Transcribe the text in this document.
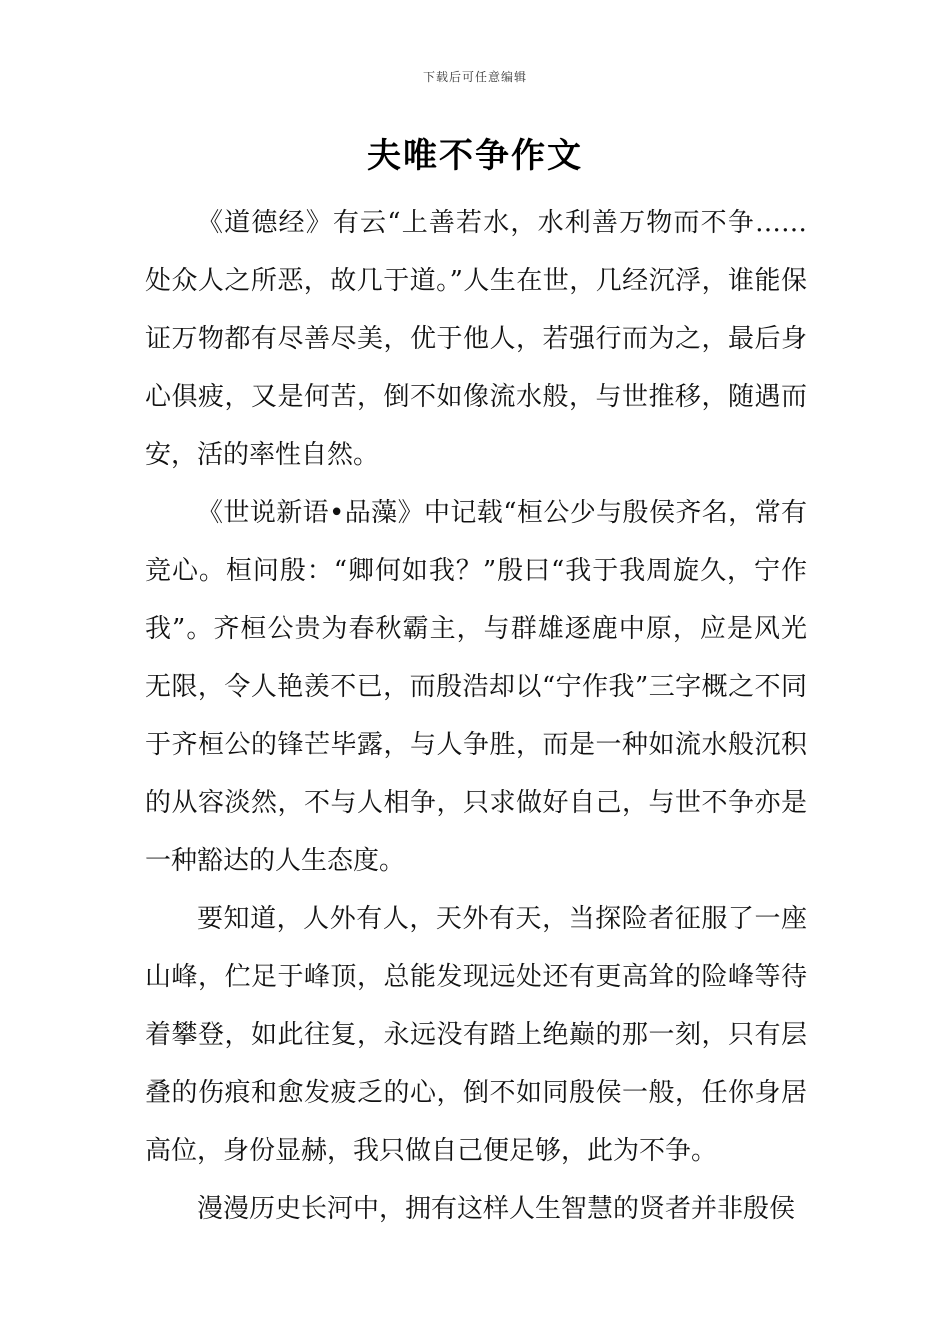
下载后可任意编辑
夫唯不争作文

《道德经》有云“上善若水，水利善万物而不争……处众人之所恶，故几于道。”人生在世，几经沉浮，谁能保证万物都有尽善尽美，优于他人，若强行而为之，最后身心俱疲，又是何苦，倒不如像流水般，与世推移，随遇而安，活的率性自然。

《世说新语•品藻》中记载“桓公少与殷侯齐名，常有竞心。桓问殷：“卿何如我？”殷曰“我于我周旋久，宁作我”。齐桓公贵为春秋霸主，与群雄逐鹿中原，应是风光无限，令人艳羡不已，而殷浩却以“宁作我”三字概之不同于齐桓公的锋芒毕露，与人争胜，而是一种如流水般沉积的从容淡然，不与人相争，只求做好自己，与世不争亦是一种豁达的人生态度。

要知道，人外有人，天外有天，当探险者征服了一座山峰，伫足于峰顶，总能发现远处还有更高耸的险峰等待着攀登，如此往复，永远没有踏上绝巅的那一刻，只有层叠的伤痕和愈发疲乏的心，倒不如同殷侯一般，任你身居高位，身份显赫，我只做自己便足够，此为不争。

漫漫历史长河中，拥有这样人生智慧的贤者并非殷侯
